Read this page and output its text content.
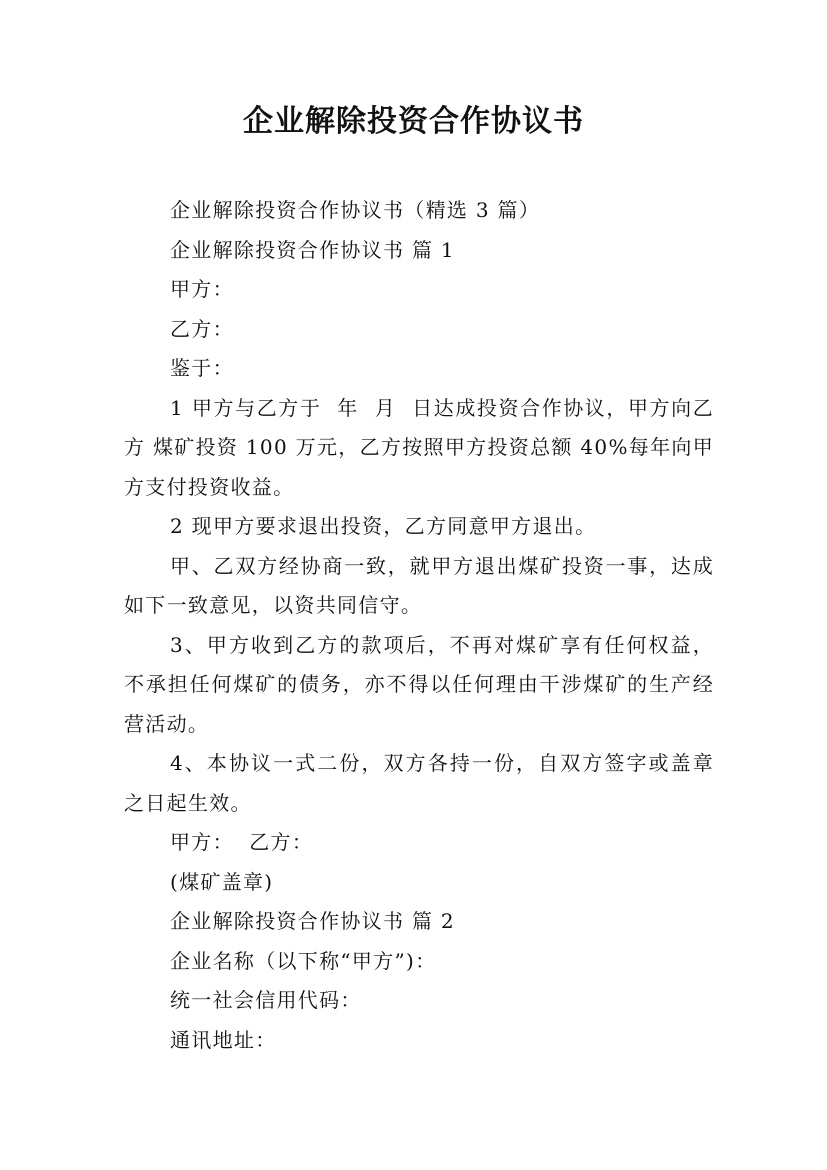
企业解除投资合作协议书

企业解除投资合作协议书（精选 3 篇）

企业解除投资合作协议书 篇 1

甲方：

乙方：

鉴于：

1 甲方与乙方于  年  月  日达成投资合作协议，甲方向乙方 煤矿投资 100 万元，乙方按照甲方投资总额 40%每年向甲方支付投资收益。

2 现甲方要求退出投资，乙方同意甲方退出。

甲、乙双方经协商一致，就甲方退出煤矿投资一事，达成如下一致意见，以资共同信守。

3、甲方收到乙方的款项后，不再对煤矿享有任何权益，不承担任何煤矿的债务，亦不得以任何理由干涉煤矿的生产经营活动。

4、本协议一式二份，双方各持一份，自双方签字或盖章之日起生效。

甲方：  乙方：

(煤矿盖章)

企业解除投资合作协议书 篇 2

企业名称（以下称“甲方”)：

统一社会信用代码：

通讯地址：
